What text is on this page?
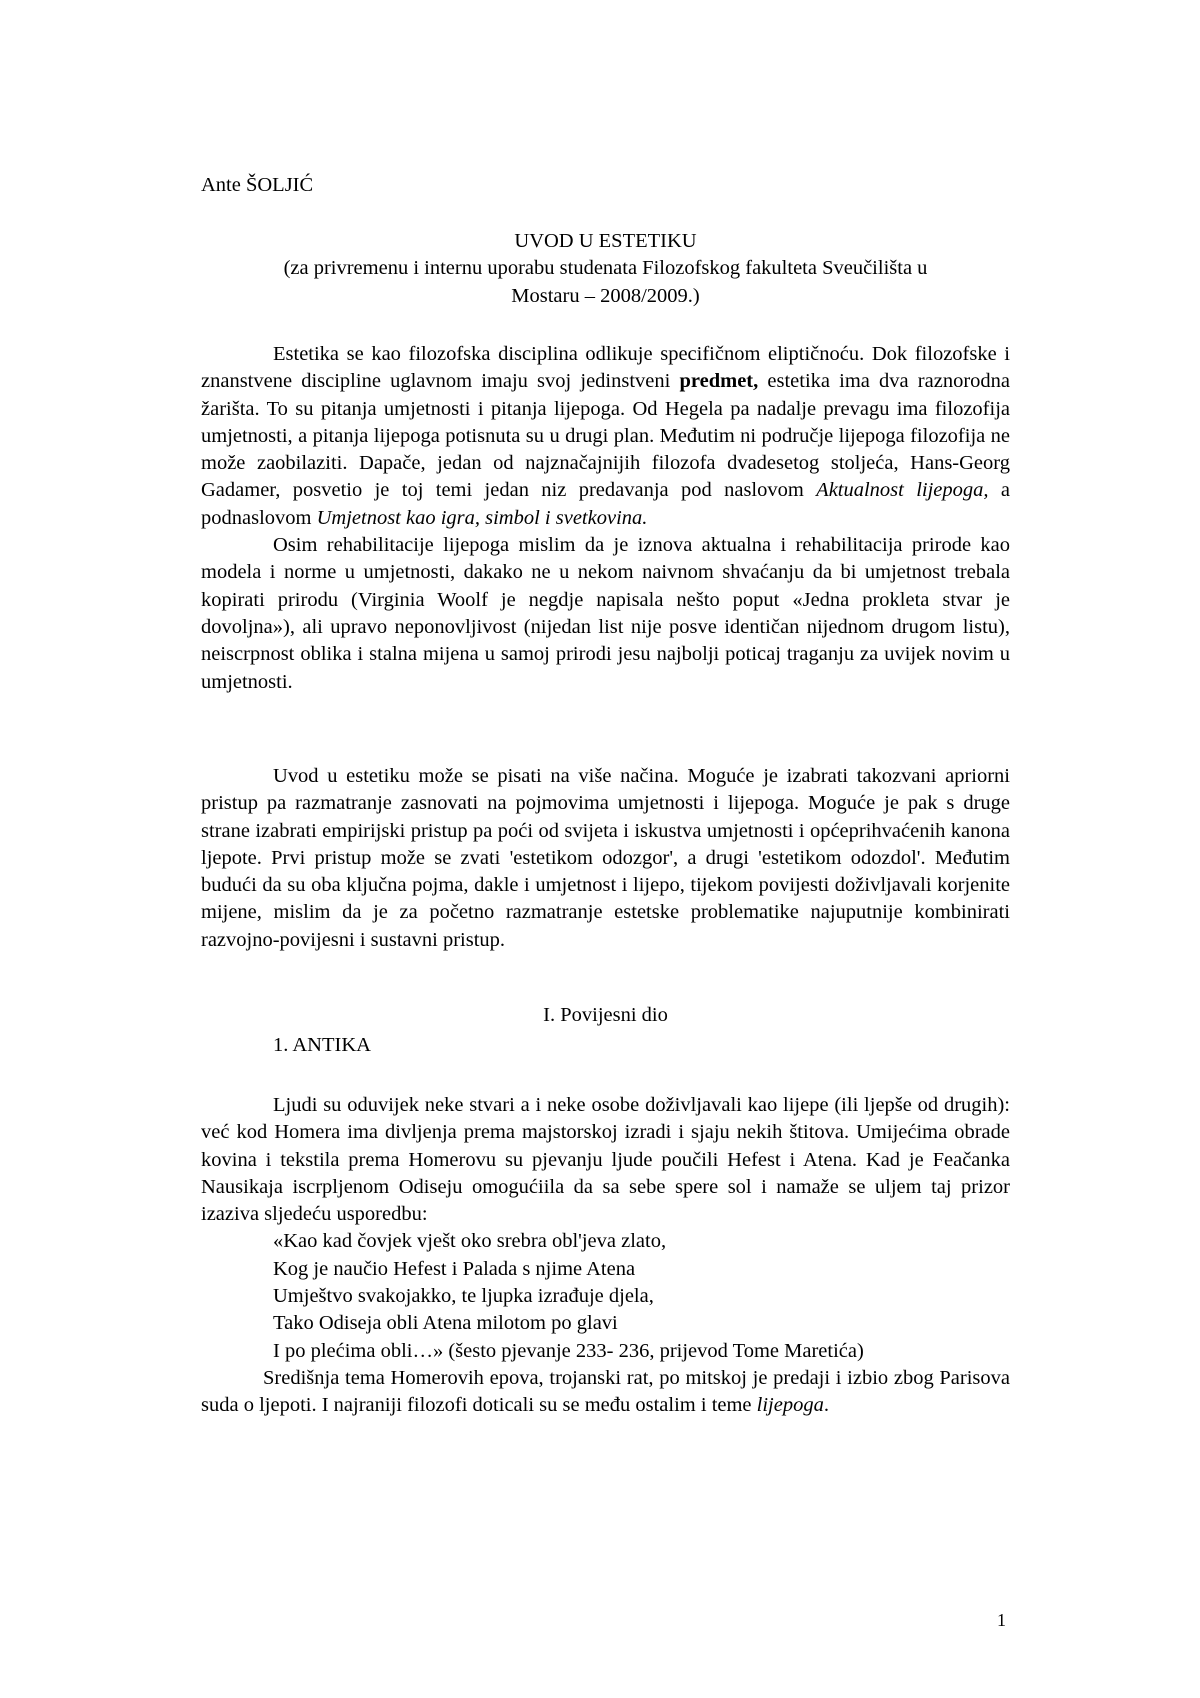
Ante ŠOLJIĆ
UVOD U ESTETIKU
(za privremenu i internu uporabu studenata Filozofskog fakulteta Sveučilišta u
Mostaru – 2008/2009.)

Estetika se kao filozofska disciplina odlikuje specifičnom eliptičnoću. Dok filozofske i znanstvene discipline uglavnom imaju svoj jedinstveni predmet, estetika ima dva raznorodna žarišta. To su pitanja umjetnosti i pitanja lijepoga. Od Hegela pa nadalje prevagu ima filozofija umjetnosti, a pitanja lijepoga potisnuta su u drugi plan. Međutim ni područje lijepoga filozofija ne može zaobilaziti. Dapače, jedan od najznačajnijih filozofa dvadesetog stoljeća, Hans-Georg Gadamer, posvetio je toj temi jedan niz predavanja pod naslovom Aktualnost lijepoga, a podnaslovom Umjetnost kao igra, simbol i svetkovina.

Osim rehabilitacije lijepoga mislim da je iznova aktualna i rehabilitacija prirode kao modela i norme u umjetnosti, dakako ne u nekom naivnom shvaćanju da bi umjetnost trebala kopirati prirodu (Virginia Woolf je negdje napisala nešto poput «Jedna prokleta stvar je dovoljna»), ali upravo neponovljivost (nijedan list nije posve identičan nijednom drugom listu), neiscrpnost oblika i stalna mijena u samoj prirodi jesu najbolji poticaj traganju za uvijek novim u umjetnosti.

Uvod u estetiku može se pisati na više načina. Moguće je izabrati takozvani apriorni pristup pa razmatranje zasnovati na pojmovima umjetnosti i lijepoga. Moguće je pak s druge strane izabrati empirijski pristup pa poći od svijeta i iskustva umjetnosti i općeprihvaćenih kanona ljepote. Prvi pristup može se zvati 'estetikom odozgor', a drugi 'estetikom odozdol'. Međutim budući da su oba ključna pojma, dakle i umjetnost i lijepo, tijekom povijesti doživljavali korjenite mijene, mislim da je za početno razmatranje estetske problematike najuputnije kombinirati razvojno-povijesni i sustavni pristup.

I. Povijesni dio
1. ANTIKA

Ljudi su oduvijek neke stvari a i neke osobe doživljavali kao lijepe (ili ljepše od drugih): već kod Homera ima divljenja prema majstorskoj izradi i sjaju nekih štitova. Umijećima obrade kovina i tekstila prema Homerovu su pjevanju ljude poučili Hefest i Atena. Kad je Feačanka Nausikaja iscrpljenom Odiseju omogućiila da sa sebe spere sol i namaže se uljem taj prizor izaziva sljedeću usporedbu:

«Kao kad čovjek vješt oko srebra obl'jeva zlato,
Kog je naučio Hefest i Palada s njime Atena
Umještvo svakojakko, te ljupka izrađuje djela,
Tako Odiseja obli Atena milotom po glavi
I po plećima obli…» (šesto pjevanje 233- 236, prijevod Tome Maretića)

Središnja tema Homerovih epova, trojanski rat, po mitskoj je predaji i izbio zbog Parisova suda o ljepoti. I najraniji filozofi doticali su se među ostalim i teme lijepoga.

1
